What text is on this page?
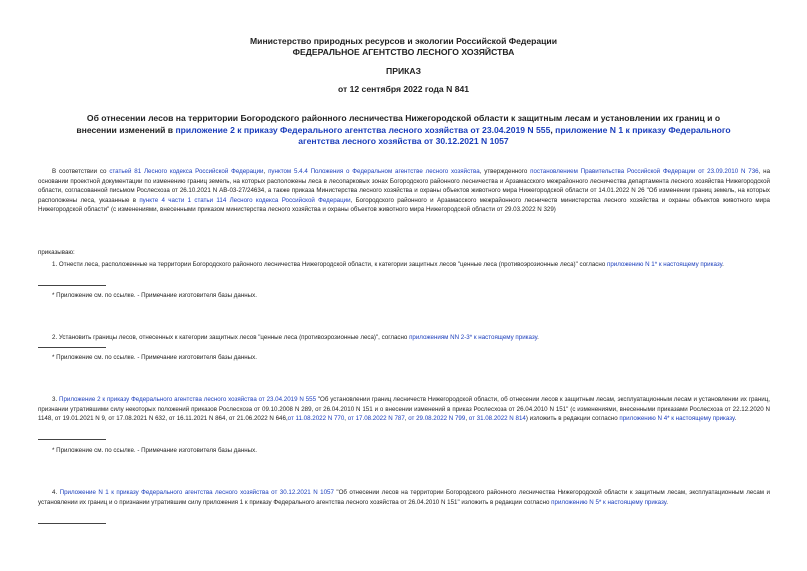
Министерство природных ресурсов и экологии Российской Федерации
ФЕДЕРАЛЬНОЕ АГЕНТСТВО ЛЕСНОГО ХОЗЯЙСТВА
ПРИКАЗ
от 12 сентября 2022 года N 841
Об отнесении лесов на территории Богородского районного лесничества Нижегородской области к защитным лесам и установлении их границ и о внесении изменений в приложение 2 к приказу Федерального агентства лесного хозяйства от 23.04.2019 N 555, приложение N 1 к приказу Федерального агентства лесного хозяйства от 30.12.2021 N 1057
В соответствии со статьей 81 Лесного кодекса Российской Федерации, пунктом 5.4.4 Положения о Федеральном агентстве лесного хозяйства, утвержденного постановлением Правительства Российской Федерации от 23.09.2010 N 736, на основании проектной документации по изменению границ земель, на которых расположены леса в лесопарковых зонах Богородского районного лесничества и Арзамасского межрайонного лесничества департамента лесного хозяйства Нижегородской области, согласованной письмом Рослесхоза от 26.10.2021 N АВ-03-27/24634, а также приказа Министерства лесного хозяйства и охраны объектов животного мира Нижегородской области от 14.01.2022 N 26 "Об изменении границ земель, на которых расположены леса, указанные в пункте 4 части 1 статьи 114 Лесного кодекса Российской Федерации, Богородского районного и Арзамасского межрайонного лесничеств министерства лесного хозяйства и охраны объектов животного мира Нижегородской области" (с изменениями, внесенными приказом министерства лесного хозяйства и охраны объектов животного мира Нижегородской области от 29.03.2022 N 329)
приказываю:
1. Отнести леса, расположенные на территории Богородского районного лесничества Нижегородской области, к категории защитных лесов "ценные леса (противоэрозионные леса)" согласно приложению N 1* к настоящему приказу.
* Приложение см. по ссылке. - Примечание изготовителя базы данных.
2. Установить границы лесов, отнесенных к категории защитных лесов "ценные леса (противоэрозионные леса)", согласно приложениям NN 2-3* к настоящему приказу.
* Приложение см. по ссылке. - Примечание изготовителя базы данных.
3. Приложение 2 к приказу Федерального агентства лесного хозяйства от 23.04.2019 N 555 "Об установлении границ лесничеств Нижегородской области, об отнесении лесов к защитным лесам, эксплуатационным лесам и установлении их границ, признании утратившими силу некоторых положений приказов Рослесхоза от 09.10.2008 N 289, от 26.04.2010 N 151 и о внесении изменений в приказ Рослесхоза от 26.04.2010 N 151" (с изменениями, внесенными приказами Рослесхоза от 22.12.2020 N 1148, от 19.01.2021 N 9, от 17.08.2021 N 632, от 16.11.2021 N 864, от 21.06.2022 N 646,от 11.08.2022 N 770, от 17.08.2022 N 787, от 29.08.2022 N 799, от 31.08.2022 N 814) изложить в редакции согласно приложению N 4* к настоящему приказу.
* Приложение см. по ссылке. - Примечание изготовителя базы данных.
4. Приложение N 1 к приказу Федерального агентства лесного хозяйства от 30.12.2021 N 1057 "Об отнесении лесов на территории Богородского районного лесничества Нижегородской области к защитным лесам, эксплуатационным лесам и установлении их границ и о признании утратившим силу приложения 1 к приказу Федерального агентства лесного хозяйства от 26.04.2010 N 151" изложить в редакции согласно приложению N 5* к настоящему приказу.
